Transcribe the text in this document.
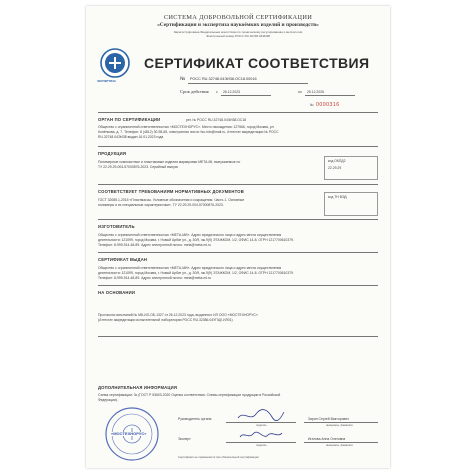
СИСТЕМА ДОБРОВОЛЬНОЙ СЕРТИФИКАЦИИ
«Сертификация и экспертиза наукоёмких изделий и производств»
Зарегистрирована Федеральным агентством по техническому регулированию и метрологии
Электронный номер РОСС RU.32748.04ЭИ38
ЭКСПЕРТИЗА
СЕРТИФИКАТ СООТВЕТСТВИЯ
№ РОСС RU.32748.04ЭИ38.ОС18.00016
Срок действия с 26.12.2023	по 25.12.2026
№ 0000316
ОРГАН ПО СЕРТИФИКАЦИИ	рег. № РОСС RU.32748.04ЭИ38.ОС18
Общество с ограниченной ответственностью «МОСТЕХНОРУС». Место нахождения: 127566, город Москва, ул.
Конёнкова, д. 7. Телефон: 8 (4812) 30-98-65, электронная почта: fso-info@mail.ru. Аттестат аккредитации № РОСС
RU.32748.04ЭИ38 выдан 16.01.2023 года
ПРОДУКЦИЯ
Полимерные композитные и пластиковые изделия маркировки META-MI, выпускаемые по
ТУ 22.29.29-004-57000876-2023. Серийный выпуск
код ОКПД2
22.29.29
СООТВЕТСТВУЕТ ТРЕБОВАНИЯМ НОРМАТИВНЫХ ДОКУМЕНТОВ
ГОСТ 32085.1-2015 «Пластмассы. Условные обозначения и сокращения. Часть 1. Основные
полимеры и их специальные характеристики». ТУ 22.29.29-004-57000876-2023.
код ТН ВЭД
ИЗГОТОВИТЕЛЬ
Общество с ограниченной ответственностью «МЕТА-МИ». Адрес юридического лица и адрес места осуществления
деятельности: 121099, город Москва, г. Новый Арбат ул., д. 30/9, эж.9(9) ЭТАЖКОМ. 1/2, ОФИС 14-8. ОГРН 1217700610379.
Телефон: 8-999-914-48-89. Адрес электронной почты: meta@meta-mi.ru
СЕРТИФИКАТ ВЫДАН
Общество с ограниченной ответственностью «МЕТА-МИ». Адрес юридического лица и адрес места осуществления
деятельности: 121099, город Москва, г. Новый Арбат ул., д. 30/9, эж.9(9) ЭТАЖКОМ. 1/2, ОФИС 14-8. ОГРН 1217700610379.
Телефон: 8-999-914-48-89. Адрес электронной почты: meta@meta-mi.ru
НА ОСНОВАНИИ
Протокола испытаний № МБ-ИЛ-ОБ-1327 от 26.12.2023 года, выданного ИЛ ООО «МОСТЕХНОРУС»
(Аттестат аккредитации испытательной лаборатории РОСС RU.32386.04УПЦ0.ИЛ01)
ДОПОЛНИТЕЛЬНАЯ ИНФОРМАЦИЯ
Схема сертификации: 3с (ГОСТ Р 53603-2020 Оценка соответствия. Схемы сертификации продукции в Российской
Федерации).
«МОСТЕХНОРУС»
Руководитель органа	Зарин Сергей Викторович
подпись	инициалы, фамилия
Эксперт	Игатова Анна Олеговна
подпись	инициалы, фамилия
Сертификат не применяется при обязательной сертификации
